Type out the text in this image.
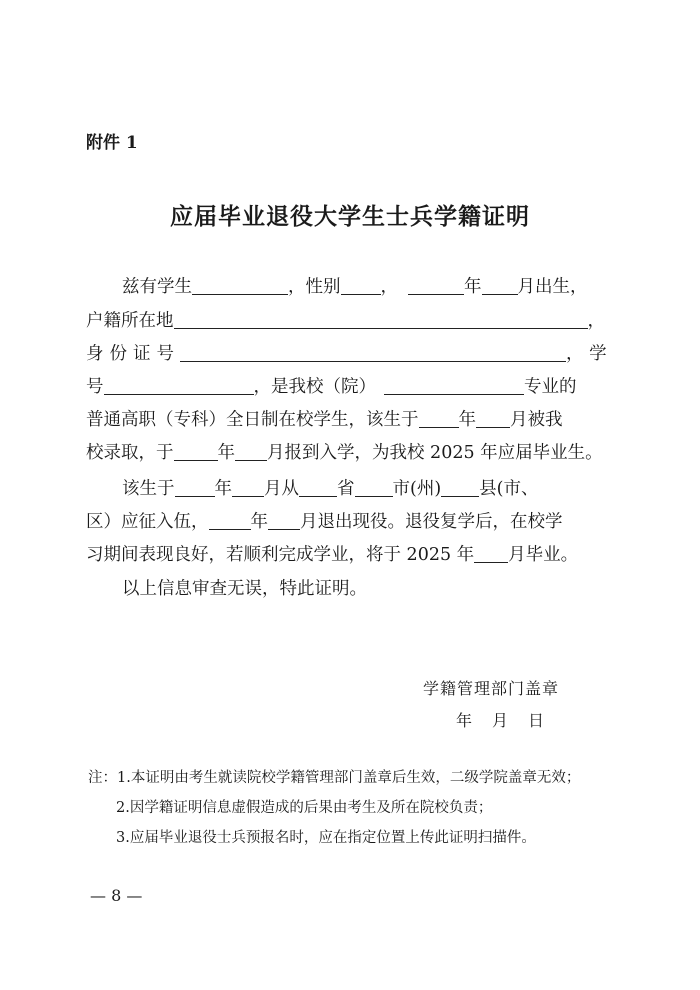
附件 1
应届毕业退役大学生士兵学籍证明
兹有学生	，性别 ，	年 月出生，
户籍所在地	，
身份证号	， 学
号	，是我校（院）	专业的
普通高职（专科）全日制在校学生，该生于 年 月被我
校录取，于	年 月报到入学，为我校 2025 年应届毕业生。
该生于 年 月从 省 市(州) 县(市、
区）应征入伍， 年 月退出现役。退役复学后，在校学
习期间表现良好，若顺利完成学业，将于 2025 年 月毕业。
以上信息审查无误，特此证明。
学籍管理部门盖章
年 月 日
注：1.本证明由考生就读院校学籍管理部门盖章后生效，二级学院盖章无效；
2.因学籍证明信息虚假造成的后果由考生及所在院校负责；
3.应届毕业退役士兵预报名时，应在指定位置上传此证明扫描件。
— 8 —
